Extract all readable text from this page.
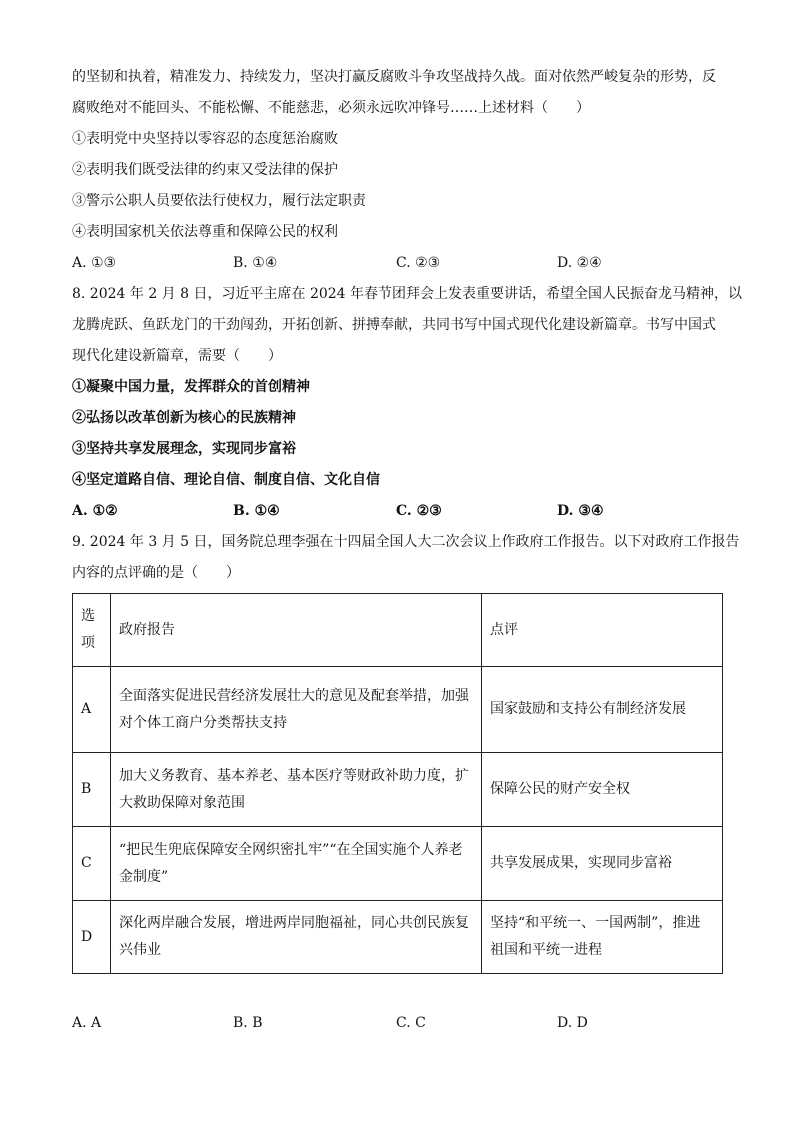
的坚韧和执着，精准发力、持续发力，坚决打赢反腐败斗争攻坚战持久战。面对依然严峻复杂的形势，反
腐败绝对不能回头、不能松懈、不能慈悲，必须永远吹冲锋号……上述材料（　　）
①表明党中央坚持以零容忍的态度惩治腐败
②表明我们既受法律的约束又受法律的保护
③警示公职人员要依法行使权力，履行法定职责
④表明国家机关依法尊重和保障公民的权利
A. ①③	B. ①④	C. ②③	D. ②④
8. 2024 年 2 月 8 日，习近平主席在 2024 年春节团拜会上发表重要讲话，希望全国人民振奋龙马精神，以
龙腾虎跃、鱼跃龙门的干劲闯劲，开拓创新、拼搏奉献，共同书写中国式现代化建设新篇章。书写中国式
现代化建设新篇章，需要（　　）
①凝聚中国力量，发挥群众的首创精神
②弘扬以改革创新为核心的民族精神
③坚持共享发展理念，实现同步富裕
④坚定道路自信、理论自信、制度自信、文化自信
A. ①②	B. ①④	C. ②③	D. ③④
9. 2024 年 3 月 5 日，国务院总理李强在十四届全国人大二次会议上作政府工作报告。以下对政府工作报告
内容的点评确的是（　　）
选项	政府报告	点评
A	全面落实促进民营经济发展壮大的意见及配套举措，加强对个体工商户分类帮扶支持	国家鼓励和支持公有制经济发展
B	加大义务教育、基本养老、基本医疗等财政补助力度，扩大救助保障对象范围	保障公民的财产安全权
C	“把民生兜底保障安全网织密扎牢”“在全国实施个人养老金制度”	共享发展成果，实现同步富裕
D	深化两岸融合发展，增进两岸同胞福祉，同心共创民族复兴伟业	坚持“和平统一、一国两制”，推进祖国和平统一进程
A. A	B. B	C. C	D. D
